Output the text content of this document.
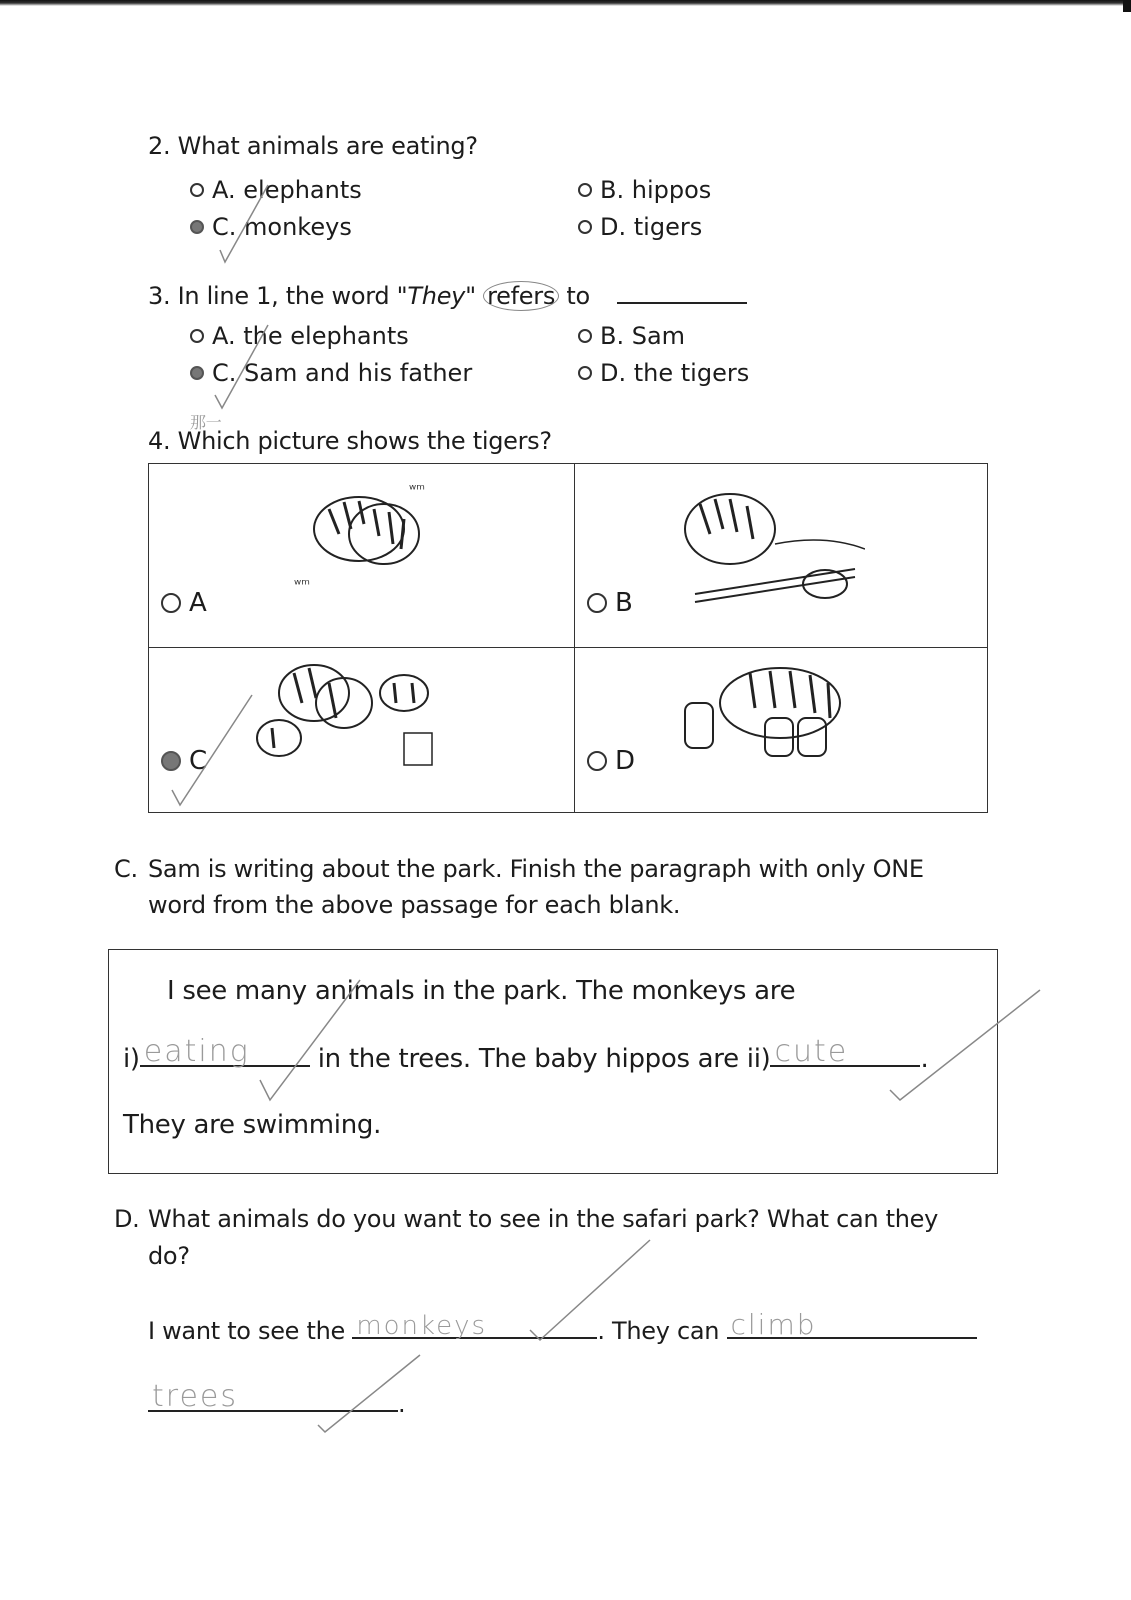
2. What animals are eating?
A.
elephants	B.
hippos
C.
monkeys	D.
tigers
3. In line 1, the word "They" refers to
A.
the elephants	B.
Sam
C.
Sam and his father	D.
the tigers
那一
4. Which picture shows the tigers?
ʷᵐ
ʷᵐ
A	B
C	D
C. Sam is writing about the park. Finish the paragraph with only ONE
word from the above passage for each blank.
I see many animals in the park. The monkeys are
i) eating	in the trees. The baby hippos are ii) cute	.
They are swimming.
D. What animals do you want to see in the safari park? What can they
do?
I want to see the monkeys	. They can climb
trees	.
